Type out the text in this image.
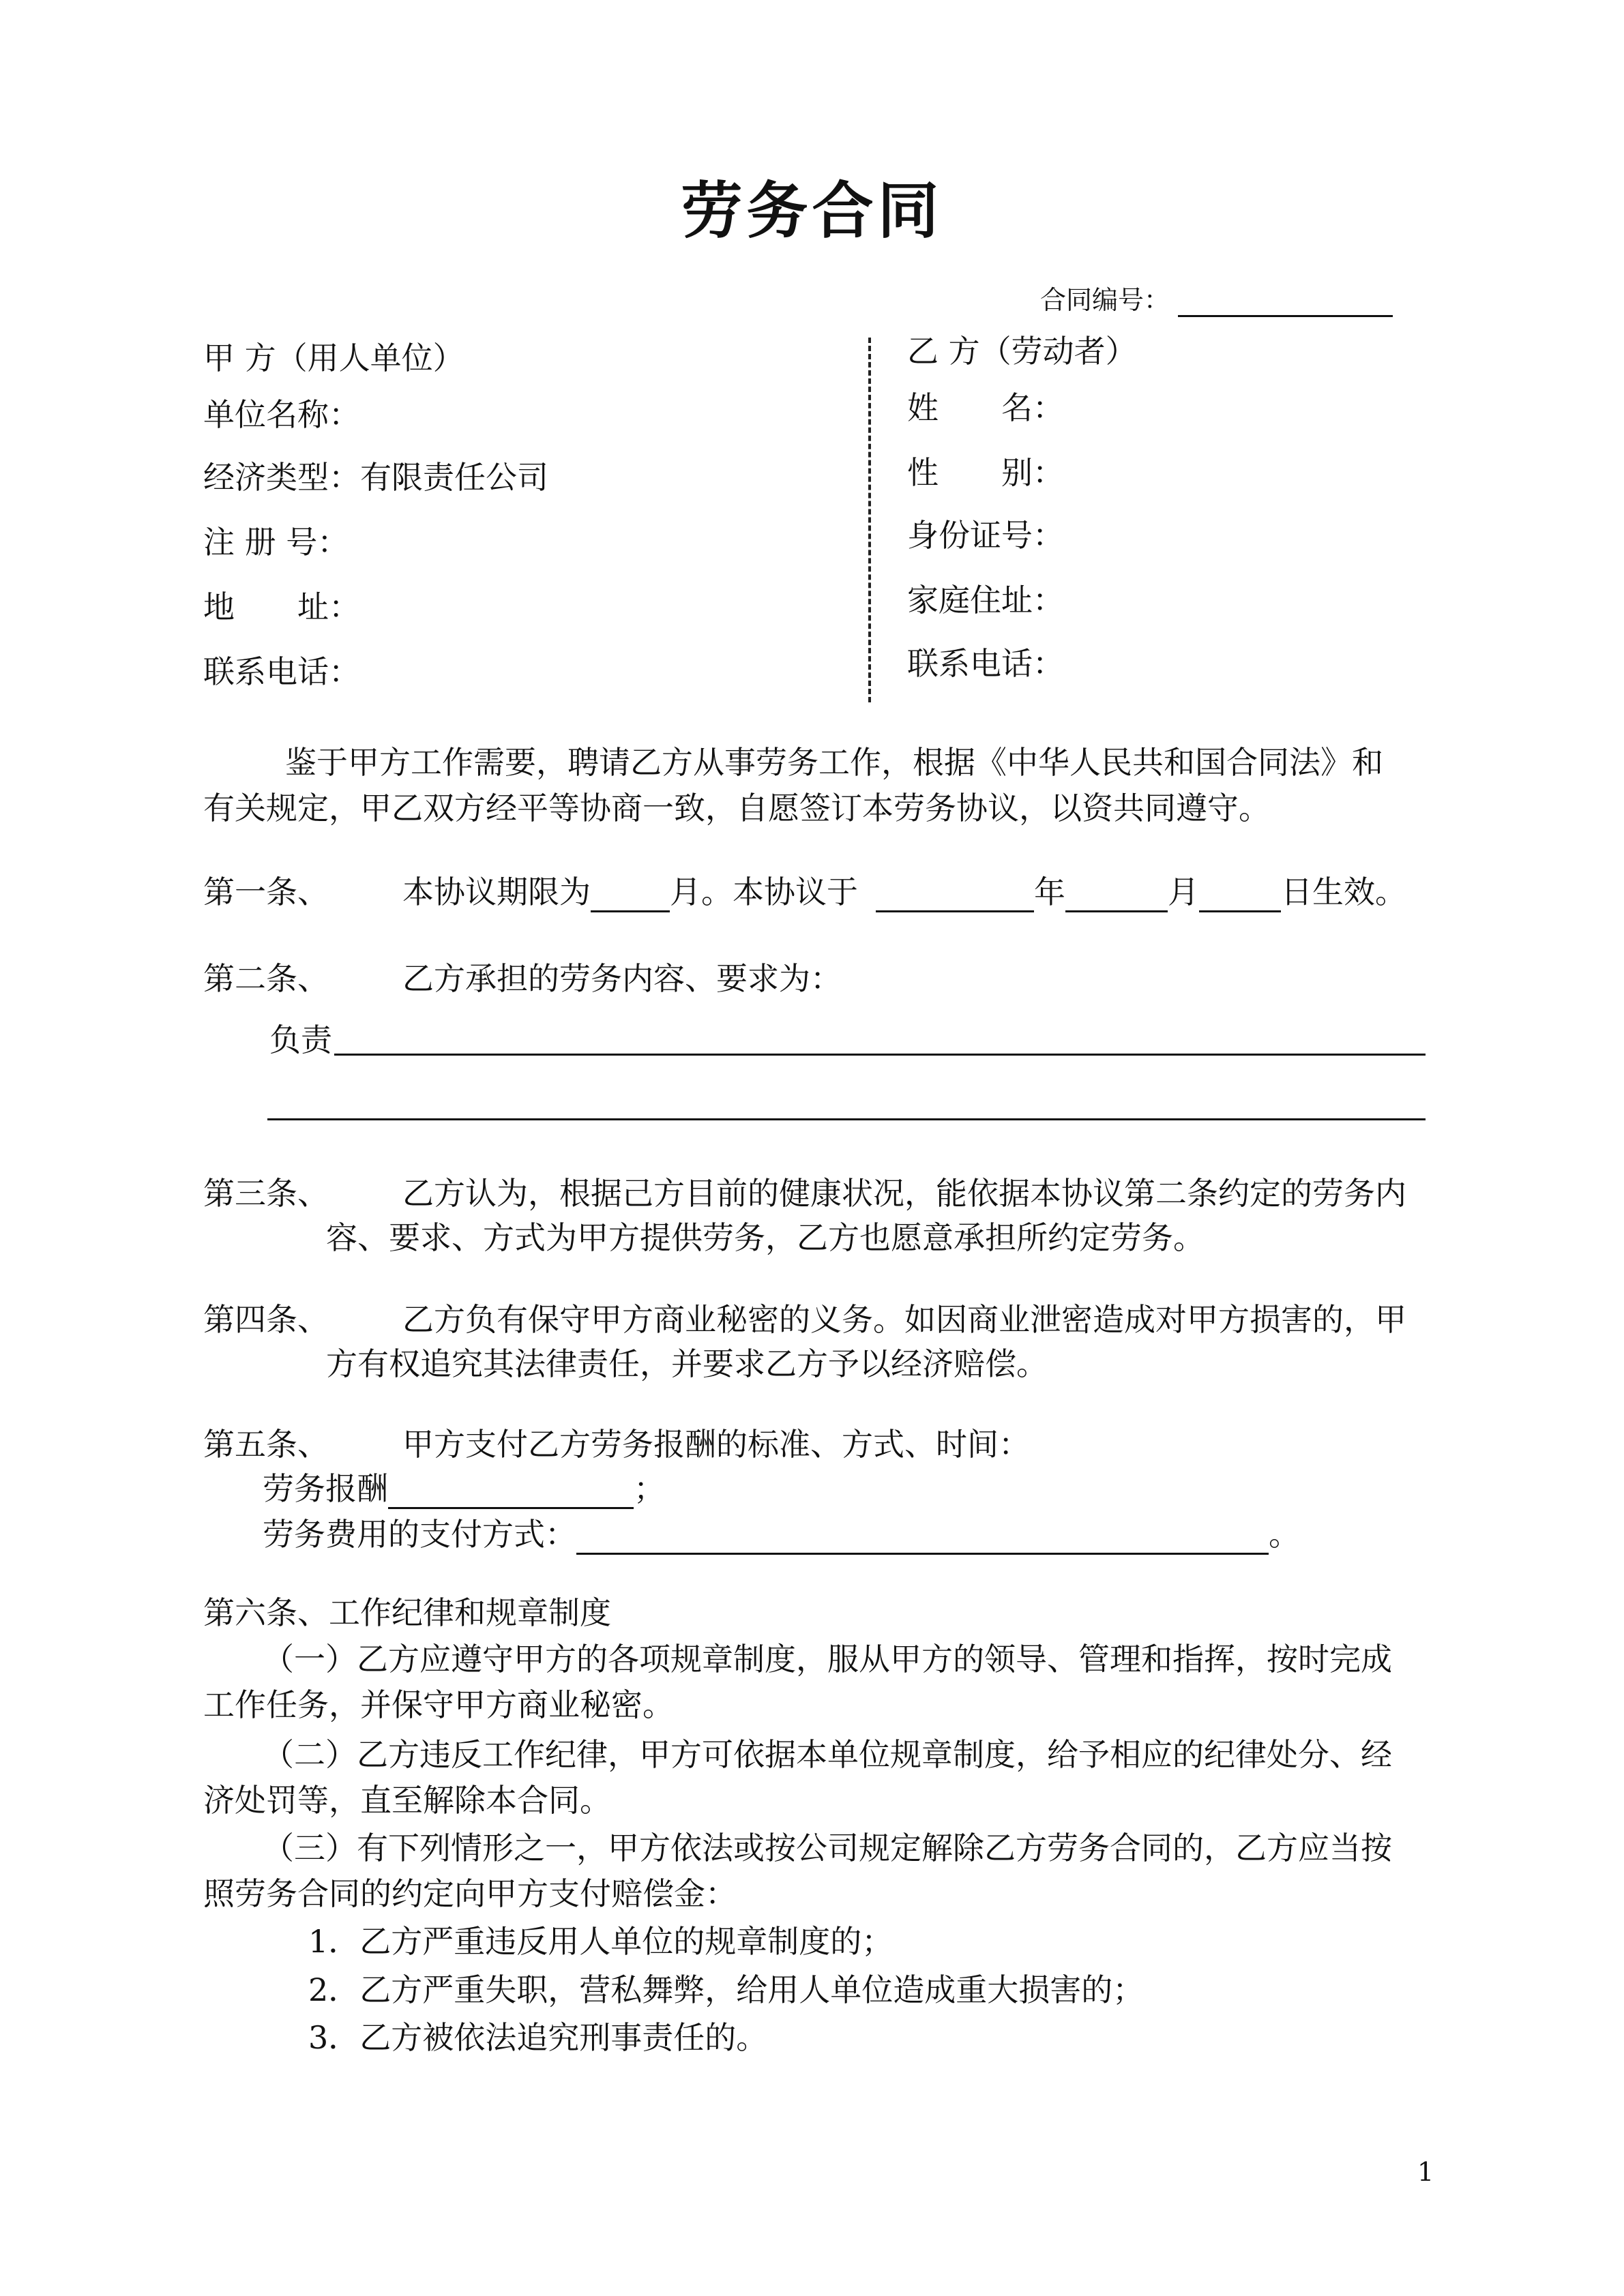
劳务合同
合同编号：
甲 方（用人单位）
单位名称：
经济类型：有限责任公司
注 册 号：
地　　址：
联系电话：
乙 方（劳动者）
姓　　名：
性　　别：
身份证号：
家庭住址：
联系电话：
鉴于甲方工作需要，聘请乙方从事劳务工作，根据《中华人民共和国合同法》和
有关规定，甲乙双方经平等协商一致，自愿签订本劳务协议，以资共同遵守。
第一条、 本协议期限为	月。本协议于	年	月	日生效。
第二条、 乙方承担的劳务内容、要求为：
负责
第三条、 乙方认为，根据己方目前的健康状况，能依据本协议第二条约定的劳务内
容、要求、方式为甲方提供劳务，乙方也愿意承担所约定劳务。
第四条、 乙方负有保守甲方商业秘密的义务。如因商业泄密造成对甲方损害的，甲
方有权追究其法律责任，并要求乙方予以经济赔偿。
第五条、 甲方支付乙方劳务报酬的标准、方式、时间：
劳务报酬	；
劳务费用的支付方式：	。
第六条、工作纪律和规章制度
（一）乙方应遵守甲方的各项规章制度，服从甲方的领导、管理和指挥，按时完成
工作任务，并保守甲方商业秘密。
（二）乙方违反工作纪律，甲方可依据本单位规章制度，给予相应的纪律处分、经
济处罚等，直至解除本合同。
（三）有下列情形之一，甲方依法或按公司规定解除乙方劳务合同的，乙方应当按
照劳务合同的约定向甲方支付赔偿金：
1．乙方严重违反用人单位的规章制度的；
2．乙方严重失职，营私舞弊，给用人单位造成重大损害的；
3．乙方被依法追究刑事责任的。
1
